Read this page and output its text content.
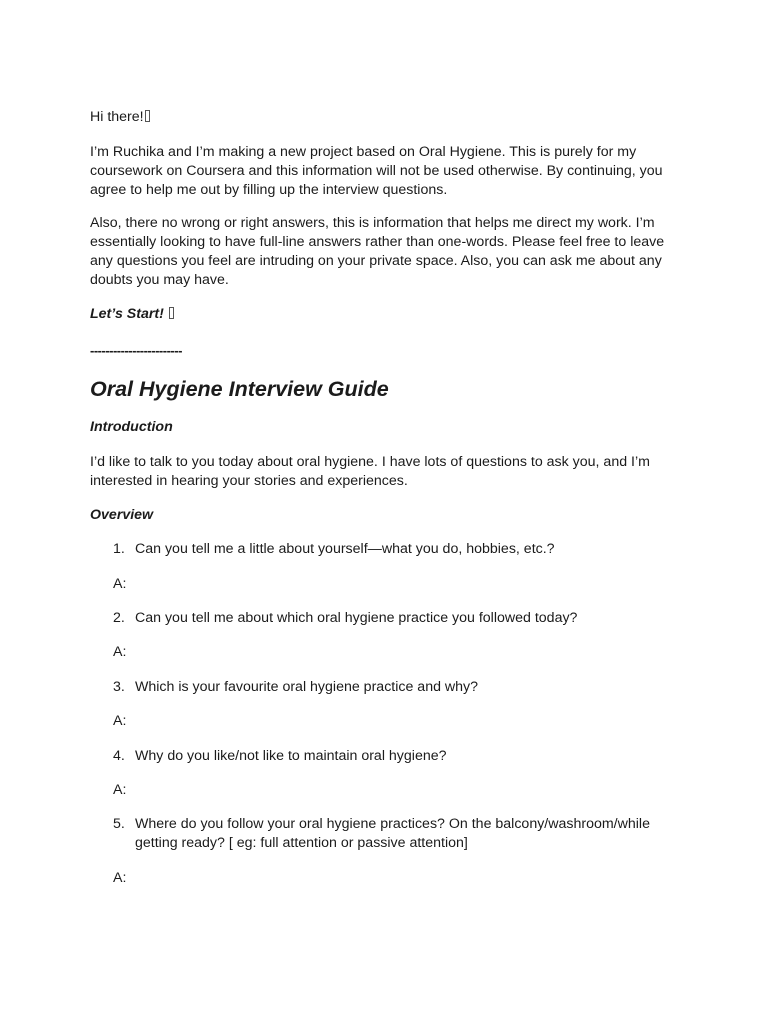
Hi there!

I’m Ruchika and I’m making a new project based on Oral Hygiene. This is purely for my coursework on Coursera and this information will not be used otherwise. By continuing, you agree to help me out by filling up the interview questions.

Also, there no wrong or right answers, this is information that helps me direct my work. I’m essentially looking to have full-line answers rather than one-words. Please feel free to leave any questions you feel are intruding on your private space. Also, you can ask me about any doubts you may have.

Let’s Start!

------------------------
Oral Hygiene Interview Guide

Introduction

I’d like to talk to you today about oral hygiene. I have lots of questions to ask you, and I’m interested in hearing your stories and experiences.

Overview

1. Can you tell me a little about yourself—what you do, hobbies, etc.?
A:
2. Can you tell me about which oral hygiene practice you followed today?
A:
3. Which is your favourite oral hygiene practice and why?
A:
4. Why do you like/not like to maintain oral hygiene?
A:
5. Where do you follow your oral hygiene practices? On the balcony/washroom/while getting ready? [ eg: full attention or passive attention]
A:
